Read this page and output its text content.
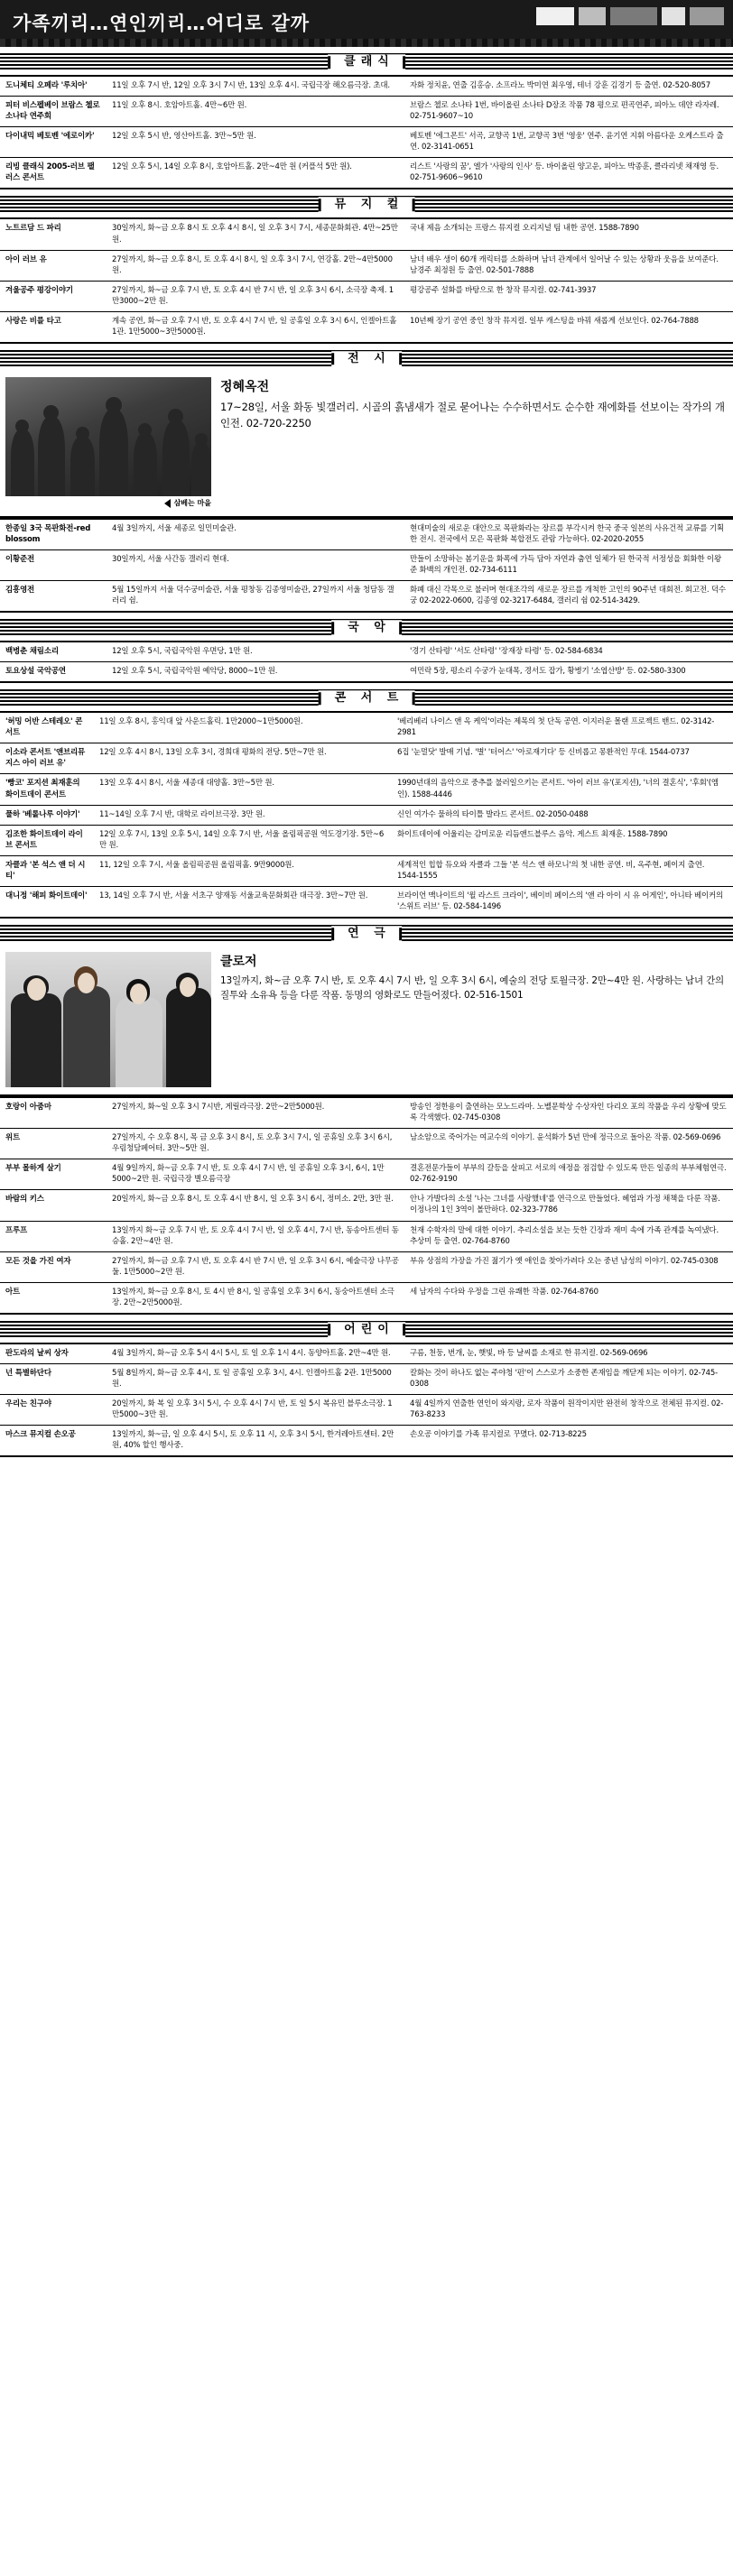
가족끼리…연인끼리…어디로 갈까
클래식
도니체티 오페라 '루치아'	11일 오후 7시 반, 12일 오후 3시 7시 반, 13일 오후 4시. 국립극장 해오름극장. 초대.	자화 정치윤, 연출 김홍승. 소프라노 박미연 최우영, 테너 강훈 김경기 등 출연. 02-520-8057
피터 비스펠베이 브람스 첼로 소나타 연주회	11일 오후 8시. 호암아트홀. 4만~6만 원.	브람스 첼로 소나타 1번, 바이올린 소나타 D장조 작품 78 평으로 편곡연주, 피아노 데얀 라자레. 02-751-9607~10
다이내믹 베토벤 '에로이카'	12일 오후 5시 반, 영산아트홀. 3만~5만 원.	베토벤 '에그몬트' 서곡, 교향곡 1번, 교향곡 3번 '영웅' 연주. 윤기연 지휘 아름다운 오케스트라 출연. 02-3141-0651
리빙 클래식 2005-러브 팰러스 콘서트	12일 오후 5시, 14일 오후 8시, 호암아트홀. 2만~4만 원 (커플석 5만 원).	리스트 '사랑의 꿈', 엘가 '사랑의 인사' 등. 바이올린 양고운, 피아노 박종훈, 클라리넷 채재영 등. 02-751-9606~9610
뮤 지 컬
노트르담 드 파리	30일까지, 화~금 오후 8시 토 오후 4시 8시, 일 오후 3시 7시, 세종문화회관. 4만~25만 원.	국내 제음 소개되는 프랑스 뮤지컬 오리지널 팀 내한 공연. 1588-7890
아이 러브 유	27일까지, 화~금 오후 8시, 토 오후 4시 8시, 일 오후 3시 7시, 연강홀. 2만~4만5000원.	남녀 배우 생이 60개 캐릭터를 소화하며 남녀 관계에서 일어날 수 있는 상황과 웃음을 보여준다. 남경주 최정원 등 출연. 02-501-7888
겨울공주 평강이야기	27일까지, 화~금 오후 7시 반, 토 오후 4시 반 7시 반, 일 오후 3시 6시, 소극장 축제. 1만3000~2만 원.	평강공주 설화를 바탕으로 한 창작 뮤지컬. 02-741-3937
사랑은 비를 타고	계속 공연, 화~금 오후 7시 반, 토 오후 4시 7시 반, 일 공휴일 오후 3시 6시, 인켈아트홀 1관. 1만5000~3만5000원.	10년째 장기 공연 중인 창작 뮤지컬. 일부 캐스팅을 바꿔 새롭게 선보인다. 02-764-7888
전 시
삼베는 마을
정혜옥전
17~28일, 서울 화동 빛갤러리. 시골의 흙냄새가 절로 묻어나는 수수하면서도 순수한 재에화를 선보이는 작가의 개인전. 02-720-2250
한종일 3국 목판화전-red blossom	4월 3일까지, 서울 세종로 일민미술관.	현대미술의 새로운 대안으로 목판화라는 장르를 부각시켜 한국 중국 일본의 사유건적 교류를 기획한 전시. 전국에서 모은 목판화 복합전도 관람 가능하다. 02-2020-2055
이황준전	30일까지, 서울 사간동 갤러리 현대.	만들이 소망하는 봄기운을 화폭에 가득 담아 자연과 춤연 일체가 된 한국적 서정성을 회화한 이왕준 화백의 개인전. 02-734-6111
김흥영전	5월 15일까지 서울 덕수궁미술관, 서울 평창동 김종영미술관, 27일까지 서울 청담동 갤러리 쉼.	화폐 대신 각목으로 불러며 현대조각의 새로운 장르를 개척한 고인의 90주년 대회전. 회고전. 덕수궁 02-2022-0600, 김종영 02-3217-6484, 갤러리 쉼 02-514-3429.
국 악
백병춘 채림소리	12일 오후 5시, 국립국악원 우면당, 1만 원.	'경기 산타령' '서도 산타령' '장재장 타령' 등. 02-584-6834
토요상설 국악공연	12일 오후 5시, 국립국악원 예악당, 8000~1만 원.	여민락 5장, 평소리 수궁가 눈대목, 경서도 잡가, 황병기 '소엽산방' 등. 02-580-3300
콘 서 트
'허밍 어반 스테레오' 콘서트	11일 오후 8시, 홍익대 앞 사운드홀릭. 1만2000~1만5000원.	'베리베리 나이스 앤 옥 케익'이라는 제목의 첫 단독 공연. 이지러운 몰랜 프로젝트 밴드. 02-3142-2981
이소라 콘서트 '앤브리뮤지스 아이 러브 유'	12일 오후 4시 8시, 13일 오후 3시, 경희대 평화의 전당. 5만~7만 원.	6집 '눈멀닷' 발매 기념. '별' '터어스' '아로재기다' 등 신비롭고 몽환적인 무대. 1544-0737
'빵코' 포지션 최재훈의 화이트데이 콘서트	13일 오후 4시 8시, 서울 세종대 대양홀. 3만~5만 원.	1990년대의 음악으로 중추를 불러일으키는 콘서트. '아이 러브 유'(포지션), '너의 결혼식', '후회'(엠인). 1588-4446
풀하 '베롤나루 이야기'	11~14일 오후 7시 반, 대학로 라이브극장. 3만 원.	신인 여가수 물하의 타이틀 발라드 콘서트. 02-2050-0488
김조한 화이트데이 라이브 콘서트	12일 오후 7시, 13일 오후 5시, 14일 오후 7시 반, 서울 올림픽공원 역도경기장. 5만~6만 원.	화이트데이에 어울리는 감미로운 리듬앤드블루스 음악. 게스트 최재훈. 1588-7890
자클과 '본 석스 앤 더 시티'	11, 12일 오후 7시, 서울 올림픽공원 올림픽홀. 9만9000원.	세계적인 힙합 듀오와 자클과 그들 '본 석스 앤 하모니'의 첫 내한 공연. 비, 옥주현, 페이지 출연. 1544-1555
대니정 '해피 화이트데이'	13, 14일 오후 7시 반, 서울 서초구 양재동 서울교육문화회관 대극장. 3만~7만 원.	브라이언 맥나이트의 '윌 라스트 크라이', 베이비 페이스의 '앤 라 아이 시 유 어게인', 아니타 베이커의 '스위트 러브' 등. 02-584-1496
연 극
클로저
13일까지, 화~금 오후 7시 반, 토 오후 4시 7시 반, 일 오후 3시 6시, 예술의 전당 토월극장. 2만~4만 원. 사랑하는 남녀 간의 질투와 소유욕 등을 다룬 작품. 동명의 영화로도 만들어졌다. 02-516-1501
호랑이 아줌마	27일까지, 화~일 오후 3시 7시반, 게릴라극장. 2만~2만5000원.	방송인 정한용이 출연하는 모노드라마. 노벨문학상 수상자인 다리오 포의 작품을 우리 상황에 맞도록 각색했다. 02-745-0308
위트	27일까지, 수 오후 8시, 목 금 오후 3시 8시, 토 오후 3시 7시, 일 공휴일 오후 3시 6시, 우림청담페어터. 3만~5만 원.	남소암으로 죽어가는 여교수의 이야기. 윤석화가 5년 만에 정극으로 돌아온 작품. 02-569-0696
부부 몰하게 살기	4월 9일까지, 화~금 오후 7시 반, 토 오후 4시 7시 반, 일 공휴일 오후 3시, 6시, 1만5000~2만 원. 국립극장 별오름극장	결혼전문가들이 부부의 갈등을 살피고 서로의 애정을 점검할 수 있도록 만든 일종의 부부체험연극. 02-762-9190
바람의 키스	20일까지, 화~금 오후 8시, 토 오후 4시 반 8시, 일 오후 3시 6시, 정미소. 2만, 3만 원.	안나 가발다의 소설 '나는 그녀를 사랑했네'를 연극으로 만들었다. 헤엄과 가정 채책을 다룬 작품. 이정나의 1인 3역이 볼만하다. 02-323-7786
프루프	13일까지 화~금 오후 7시 반, 토 오후 4시 7시 반, 일 오후 4시, 7시 반, 동송아트센터 동승홀. 2만~4만 원.	천재 수학자의 말에 대한 이야기. 추리소설을 보는 듯한 긴장과 재미 속에 가족 관계를 녹여냈다. 추상미 등 출연. 02-764-8760
모든 것을 가진 여자	27일까지, 화~금 오후 7시 반, 토 오후 4시 반 7시 반, 일 오후 3시 6시, 예술극장 나무공 둘. 1만5000~2만 원.	부유 상점의 가장을 가진 젊기가 옛 애인을 찾아가려다 오는 중년 남성의 이야기. 02-745-0308
아트	13일까지, 화~금 오후 8시, 토 4시 반 8시, 일 공휴일 오후 3시 6시, 동숭아트센터 소극장. 2만~2만5000원.	세 남자의 수다와 우정을 그린 유쾌한 작품. 02-764-8760
어린이
판도라의 날씨 상자	4월 3일까지, 화~금 오후 5시 4시 5시, 토 일 오후 1시 4시. 동양아트홀. 2만~4만 원.	구름, 천둥, 번개, 눈, 햇빛, 바 등 날씨를 소재로 한 뮤지컬. 02-569-0696
넌 특별하단다	5월 8일까지, 화~금 오후 4시, 토 일 공휴일 오후 3시, 4시. 인켈아트홀 2관. 1만5000원.	칼화는 것이 하나도 없는 주야청 '펀'이 스스로가 소중한 존재임을 깨닫게 되는 이야기. 02-745-0308
우리는 친구야	20일까지, 화 복 일 오후 3시 5시, 수 오후 4시 7시 반, 토 일 5시 복유민 블루소극장. 1만5000~3만 원.	4월 4일까지 연출한 연인이 와지랑, 로자 작품이 원작이지만 완전히 창작으로 전체된 뮤지컬. 02-763-8233
마스크 뮤지컬 손오공	13일까지, 화~금, 일 오후 4시 5시, 토 오후 11 시, 오후 3시 5시, 한겨레아트센터. 2만원, 40% 할인 행사중.	손오공 이야기를 가족 뮤지컬로 꾸몄다. 02-713-8225
